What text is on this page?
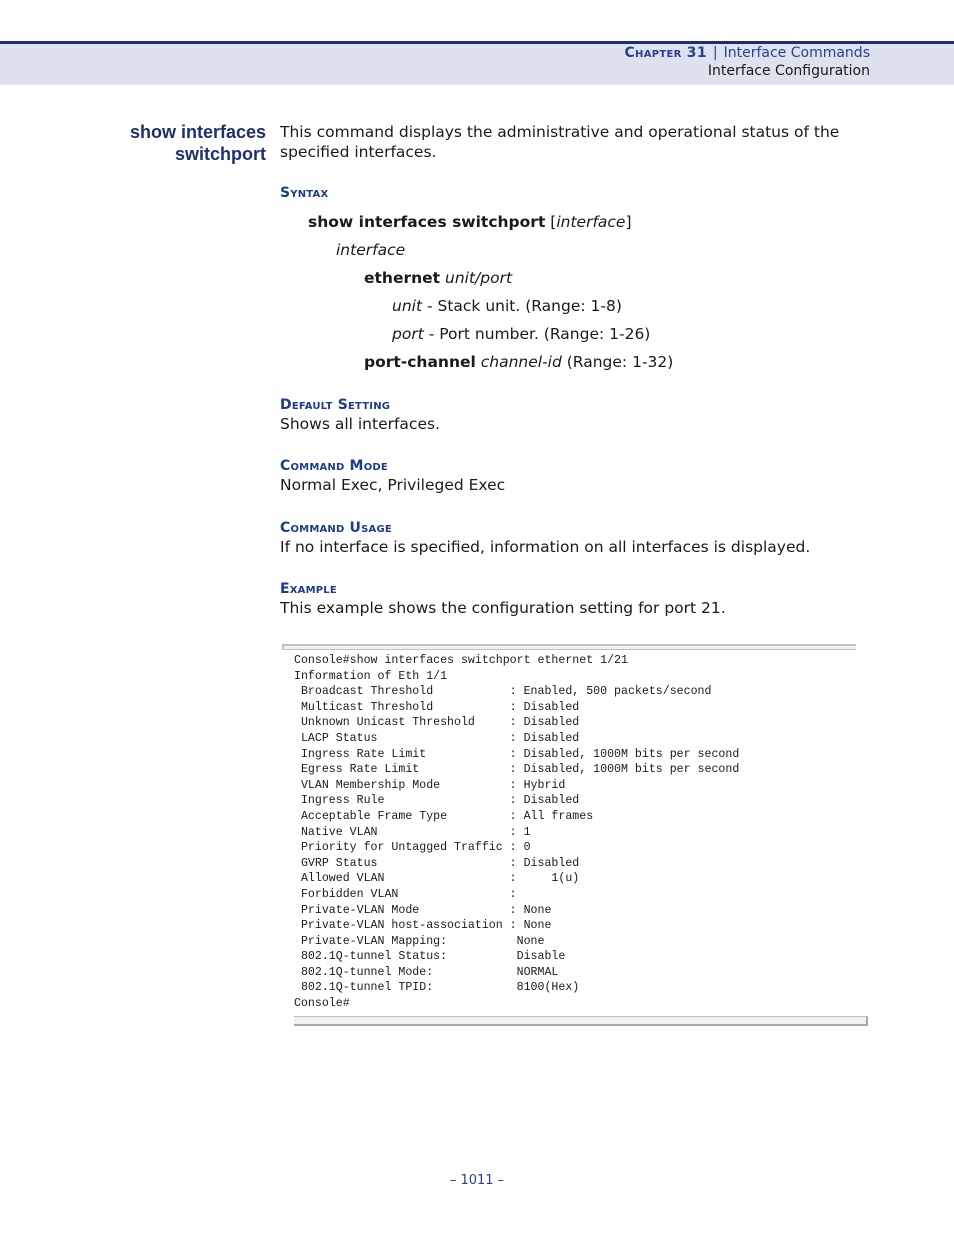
Chapter 31 | Interface Commands
Interface Configuration
show interfaces
switchport
This command displays the administrative and operational status of the
specified interfaces.
Syntax
show interfaces switchport [interface]
interface
ethernet unit/port
unit - Stack unit. (Range: 1-8)
port - Port number. (Range: 1-26)
port-channel channel-id (Range: 1-32)
Default Setting
Shows all interfaces.
Command Mode
Normal Exec, Privileged Exec
Command Usage
If no interface is specified, information on all interfaces is displayed.
Example
This example shows the configuration setting for port 21.
Console#show interfaces switchport ethernet 1/21
Information of Eth 1/1
Broadcast Threshold           : Enabled, 500 packets/second
Multicast Threshold           : Disabled
Unknown Unicast Threshold     : Disabled
LACP Status                   : Disabled
Ingress Rate Limit            : Disabled, 1000M bits per second
Egress Rate Limit             : Disabled, 1000M bits per second
VLAN Membership Mode          : Hybrid
Ingress Rule                  : Disabled
Acceptable Frame Type         : All frames
Native VLAN                   : 1
Priority for Untagged Traffic : 0
GVRP Status                   : Disabled
Allowed VLAN                  :     1(u)
Forbidden VLAN                :
Private-VLAN Mode             : None
Private-VLAN host-association : None
Private-VLAN Mapping:          None
802.1Q-tunnel Status:          Disable
802.1Q-tunnel Mode:            NORMAL
802.1Q-tunnel TPID:            8100(Hex)
Console#
– 1011 –
